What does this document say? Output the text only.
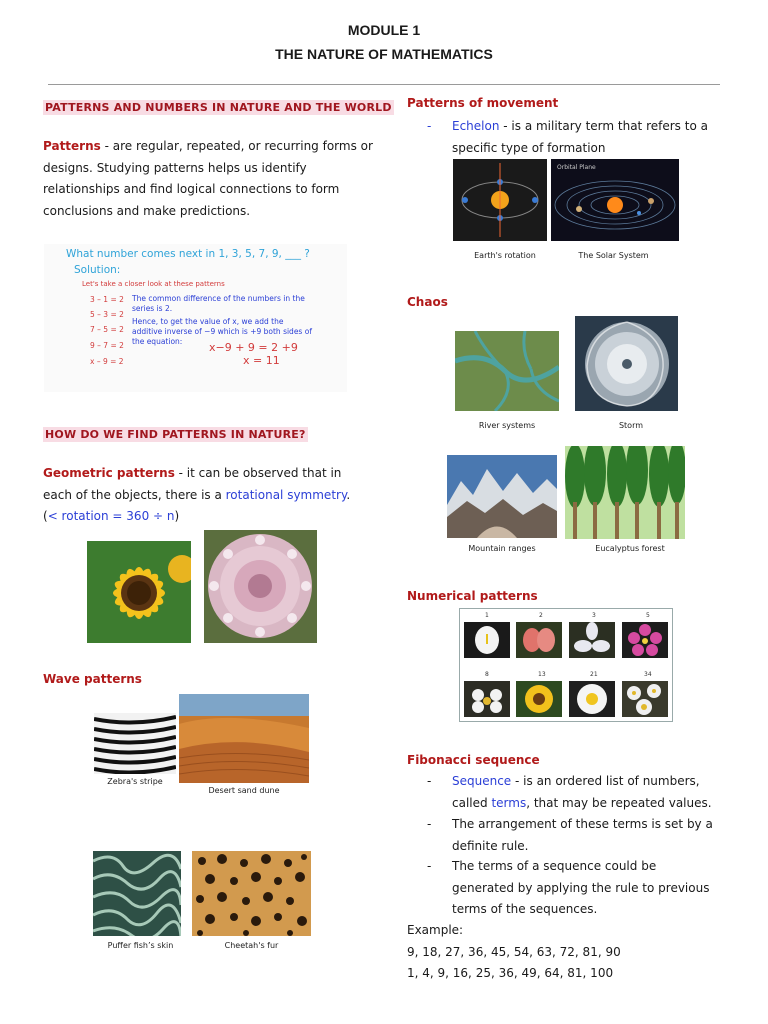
MODULE 1
THE NATURE OF MATHEMATICS
PATTERNS AND NUMBERS IN NATURE AND THE WORLD
Patterns - are regular, repeated, or recurring forms or
designs. Studying patterns helps us identify
relationships and find logical connections to form
conclusions and make predictions.
What number comes next in 1, 3, 5, 7, 9, ___ ?
Solution:
Let's take a closer look at these patterns
3 – 1 = 2
5 – 3 = 2
7 – 5 = 2
9 – 7 = 2
x – 9 = 2
The common difference of the numbers in the series is 2.
Hence, to get the value of x, we add the additive inverse of −9 which is +9 both sides of the equation:	x−9 + 9 = 2 +9
x = 11
HOW DO WE FIND PATTERNS IN NATURE?
Geometric patterns - it can be observed that in
each of the objects, there is a rotational symmetry.
(< rotation = 360 ÷ n)
Wave patterns
Zebra's stripe
Desert sand dune
Puffer fish’s skin	Cheetah's fur
Patterns of movement
-	Echelon - is a military term that refers to a
specific type of formation
Orbital Plane
Earth's rotation	The Solar System
Chaos
River systems	Storm
Mountain ranges	Eucalyptus forest
Numerical patterns
1	2	3	5
8	13	21	34
Fibonacci sequence
-	Sequence - is an ordered list of numbers,
called terms, that may be repeated values.
-	The arrangement of these terms is set by a
definite rule.
-	The terms of a sequence could be
generated by applying the rule to previous
terms of the sequences.
Example:
9, 18, 27, 36, 45, 54, 63, 72, 81, 90
1, 4, 9, 16, 25, 36, 49, 64, 81, 100
